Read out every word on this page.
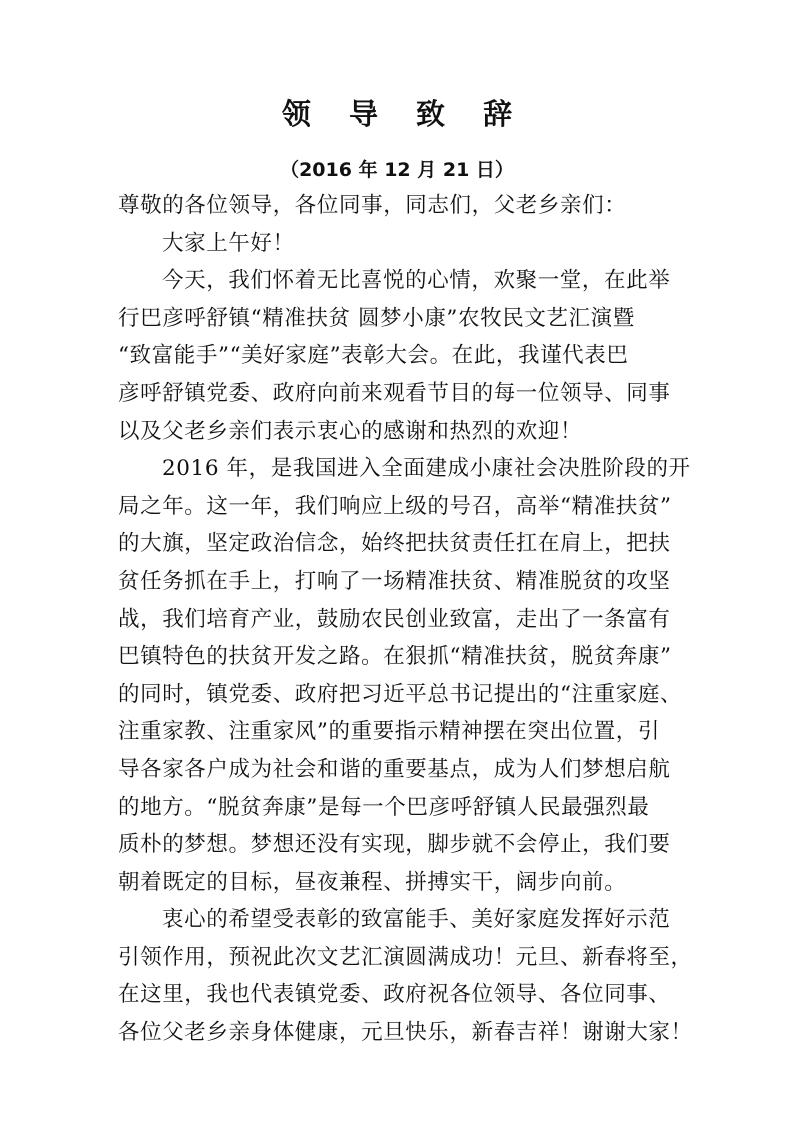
领 导 致 辞
（2016 年 12 月 21 日）
尊敬的各位领导，各位同事，同志们，父老乡亲们：
大家上午好！
今天，我们怀着无比喜悦的心情，欢聚一堂，在此举
行巴彦呼舒镇“精准扶贫 圆梦小康”农牧民文艺汇演暨
“致富能手”“美好家庭”表彰大会。在此，我谨代表巴
彦呼舒镇党委、政府向前来观看节目的每一位领导、同事
以及父老乡亲们表示衷心的感谢和热烈的欢迎！
2016 年，是我国进入全面建成小康社会决胜阶段的开
局之年。这一年，我们响应上级的号召，高举“精准扶贫”
的大旗，坚定政治信念，始终把扶贫责任扛在肩上，把扶
贫任务抓在手上，打响了一场精准扶贫、精准脱贫的攻坚
战，我们培育产业，鼓励农民创业致富，走出了一条富有
巴镇特色的扶贫开发之路。在狠抓“精准扶贫，脱贫奔康”
的同时，镇党委、政府把习近平总书记提出的“注重家庭、
注重家教、注重家风”的重要指示精神摆在突出位置，引
导各家各户成为社会和谐的重要基点，成为人们梦想启航
的地方。“脱贫奔康”是每一个巴彦呼舒镇人民最强烈最
质朴的梦想。梦想还没有实现，脚步就不会停止，我们要
朝着既定的目标，昼夜兼程、拼搏实干，阔步向前。
衷心的希望受表彰的致富能手、美好家庭发挥好示范
引领作用，预祝此次文艺汇演圆满成功！元旦、新春将至，
在这里，我也代表镇党委、政府祝各位领导、各位同事、
各位父老乡亲身体健康，元旦快乐，新春吉祥！谢谢大家！
